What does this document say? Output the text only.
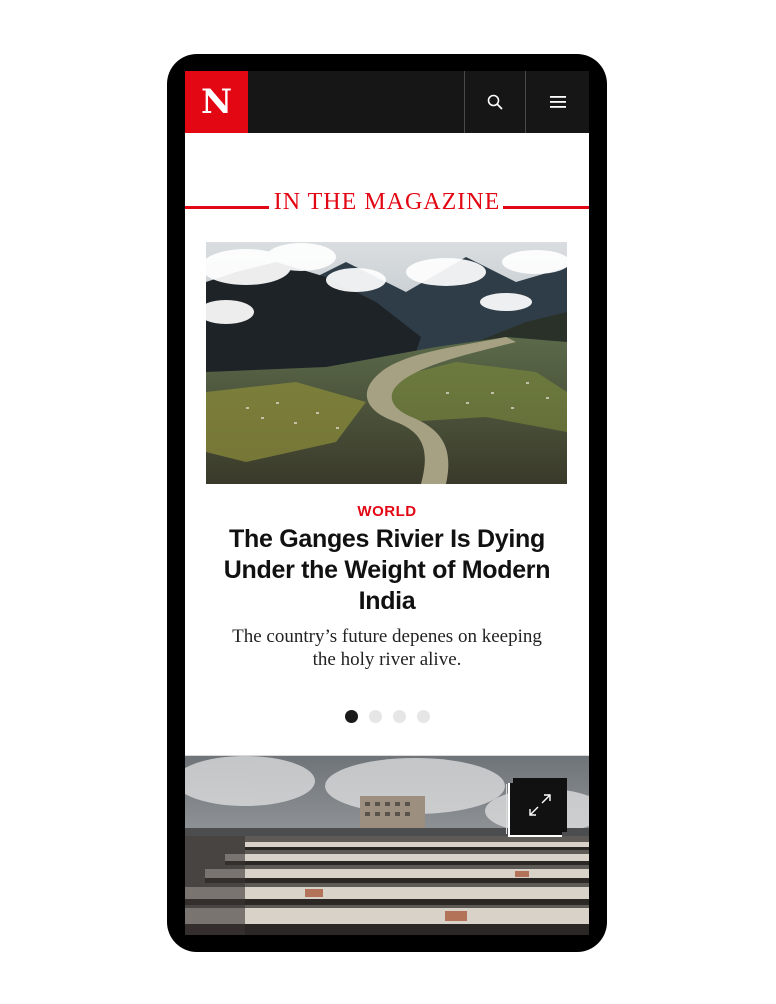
N
IN THE MAGAZINE
WORLD
The Ganges Rivier Is Dying Under the Weight of Modern India
The country’s future depenes on keeping the holy river alive.
